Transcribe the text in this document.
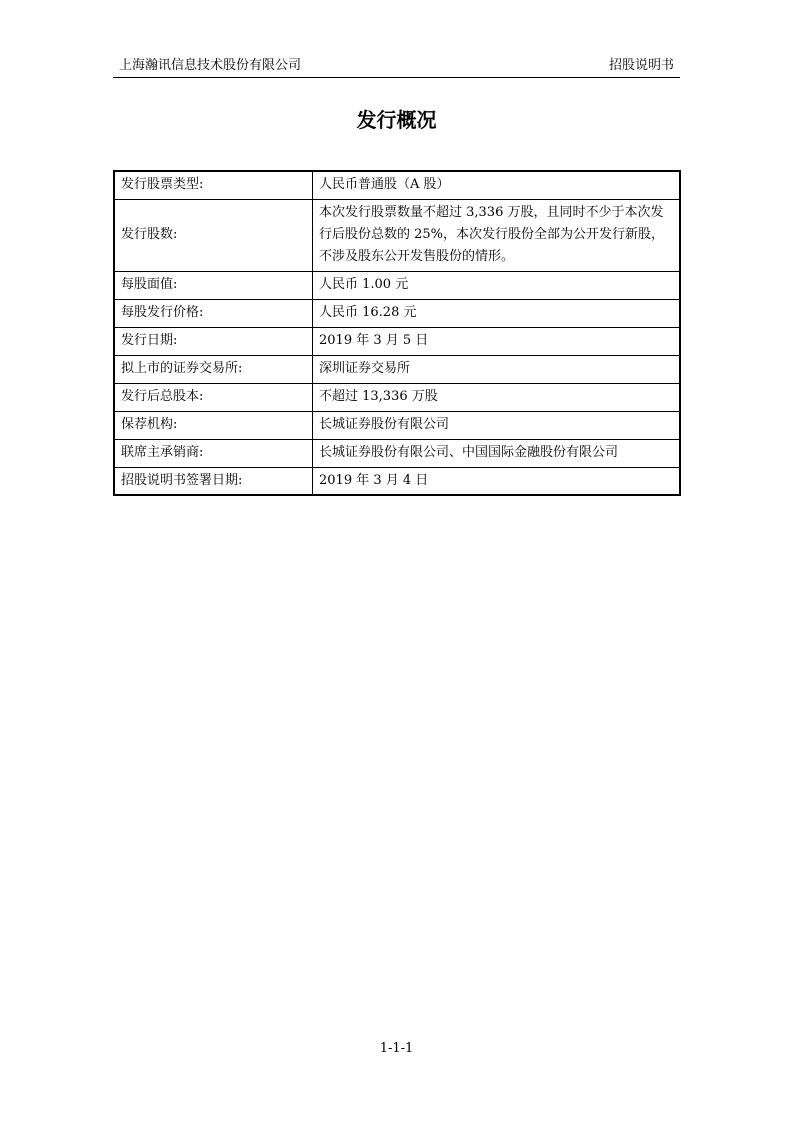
上海瀚讯信息技术股份有限公司	招股说明书
发行概况
发行股票类型:	人民币普通股（A 股）
发行股数:	本次发行股票数量不超过 3,336 万股，且同时不少于本次发行后股份总数的 25%，本次发行股份全部为公开发行新股，不涉及股东公开发售股份的情形。
每股面值:	人民币 1.00 元
每股发行价格:	人民币 16.28 元
发行日期:	2019 年 3 月 5 日
拟上市的证券交易所:	深圳证券交易所
发行后总股本:	不超过 13,336 万股
保荐机构:	长城证券股份有限公司
联席主承销商:	长城证券股份有限公司、中国国际金融股份有限公司
招股说明书签署日期:	2019 年 3 月 4 日
1-1-1
